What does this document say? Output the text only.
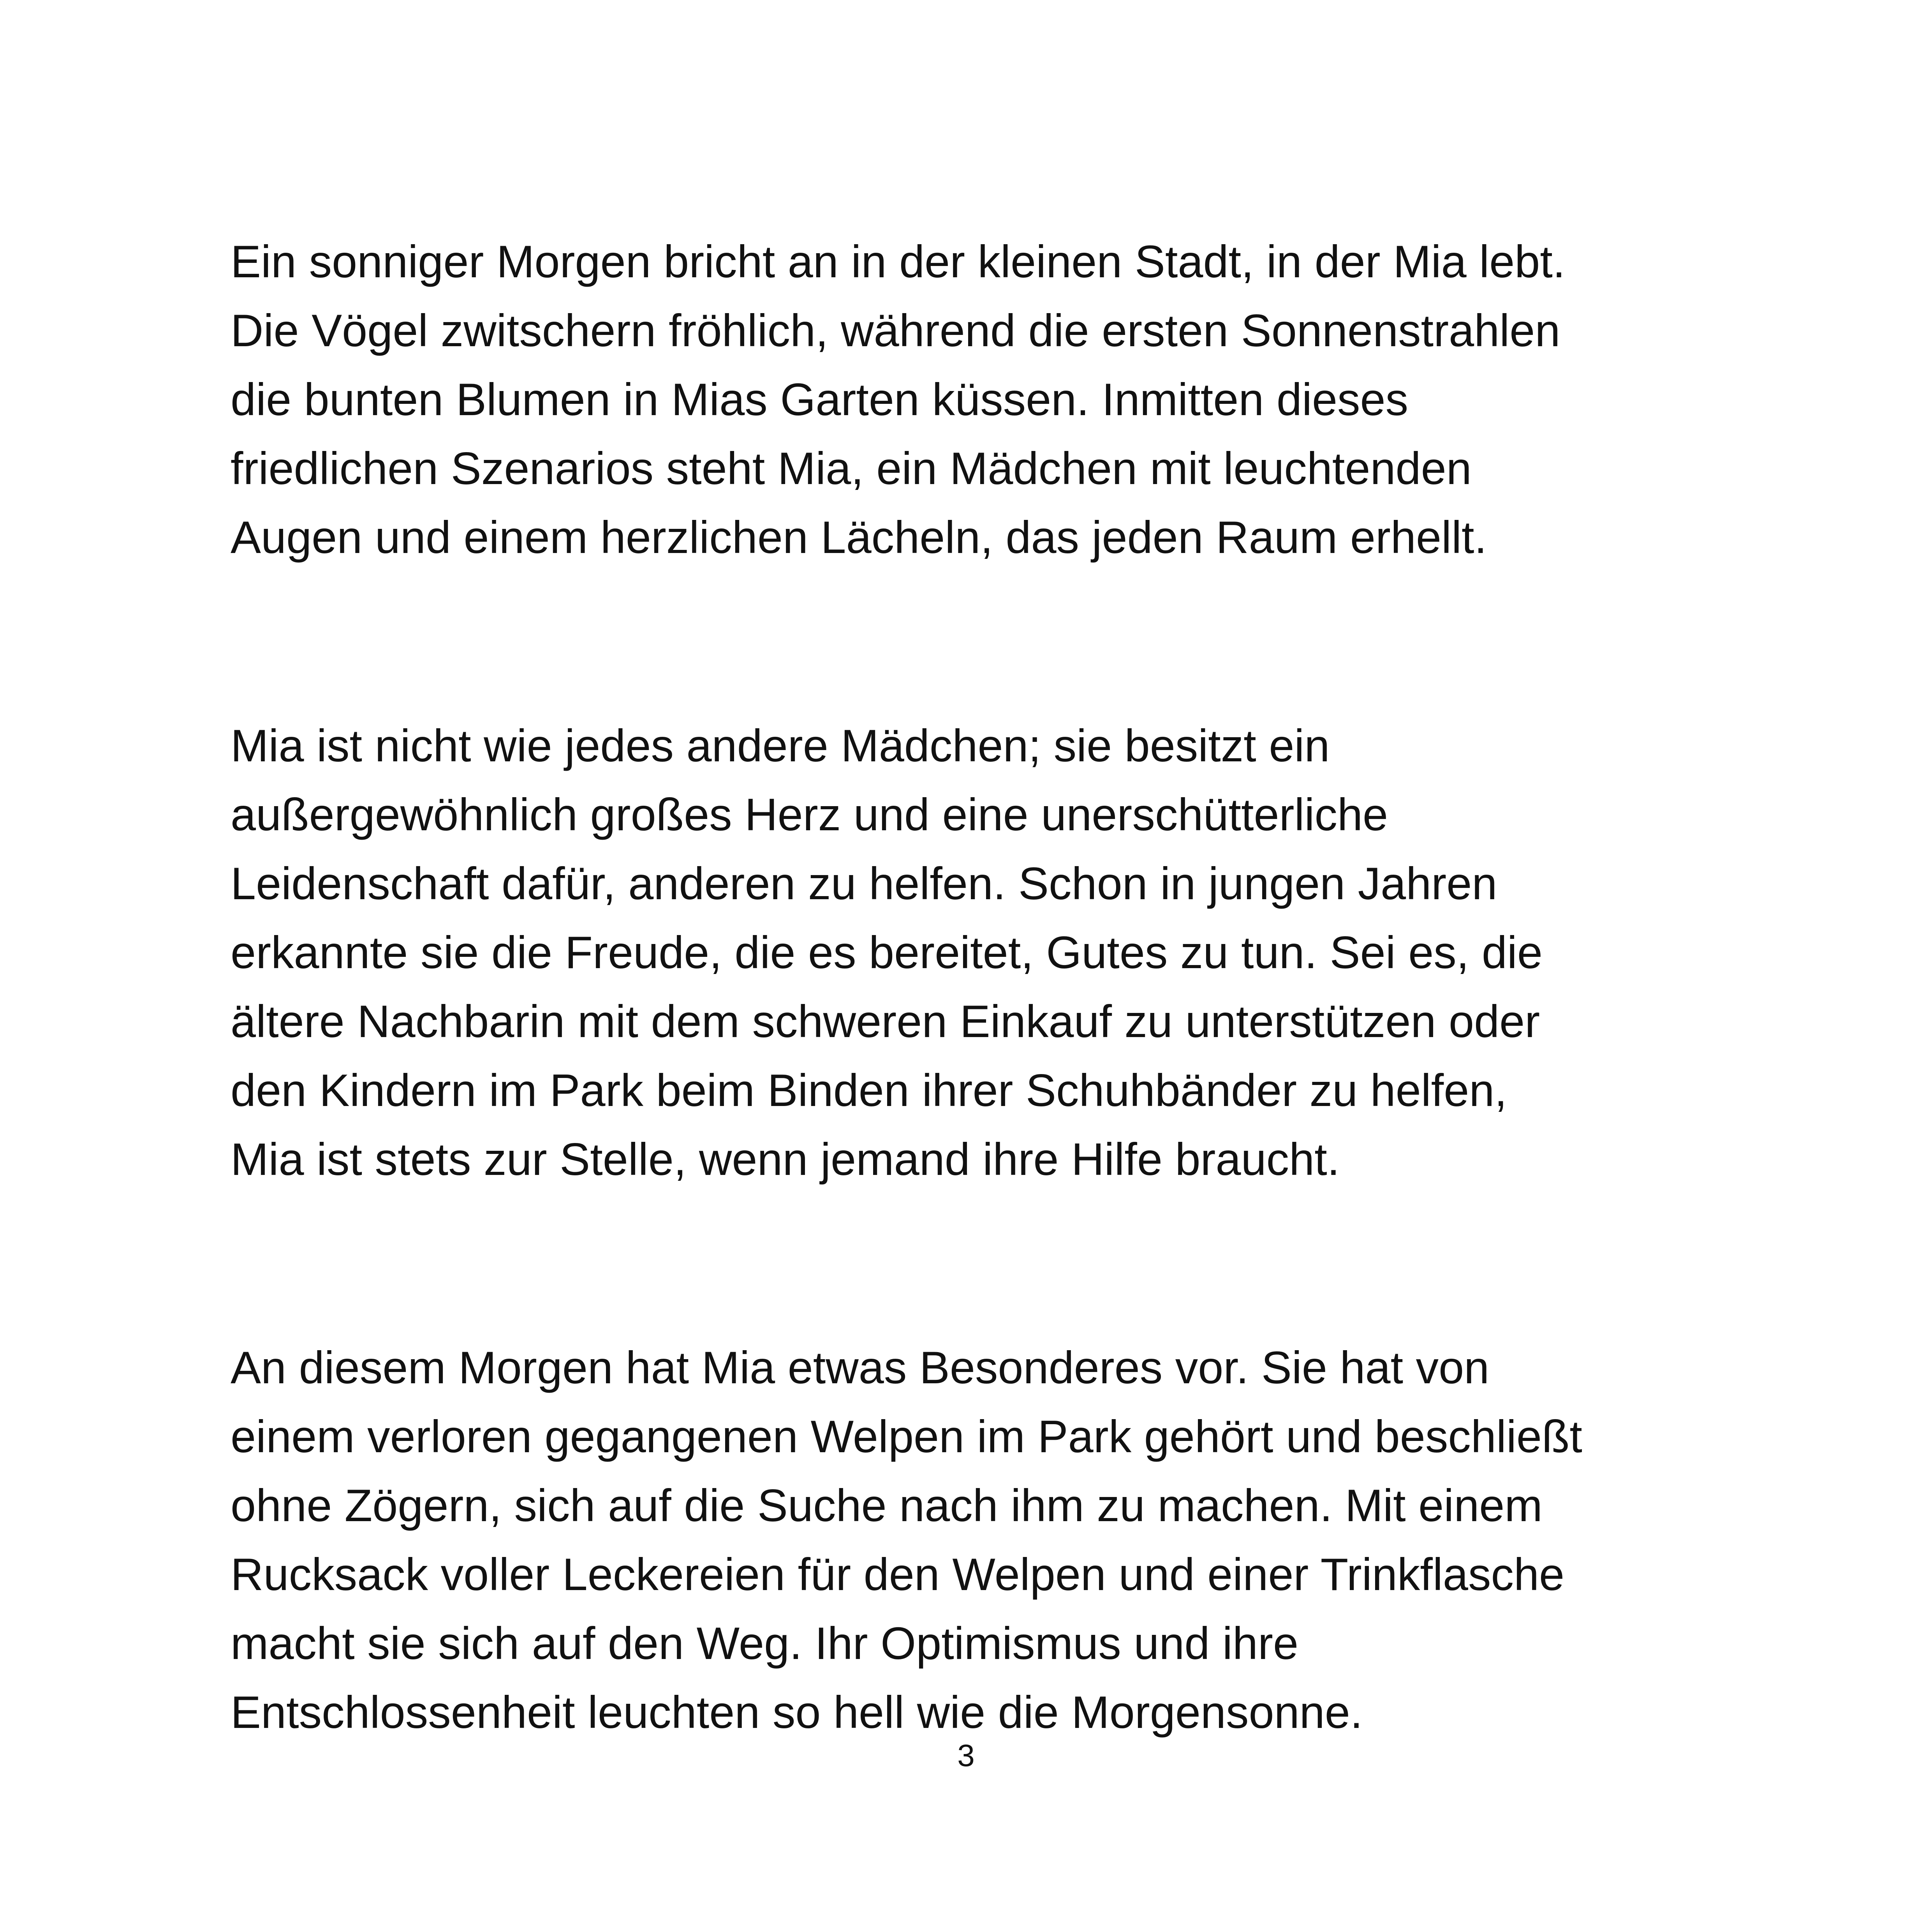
Ein sonniger Morgen bricht an in der kleinen Stadt, in der Mia lebt.
Die Vögel zwitschern fröhlich, während die ersten Sonnenstrahlen
die bunten Blumen in Mias Garten küssen. Inmitten dieses
friedlichen Szenarios steht Mia, ein Mädchen mit leuchtenden
Augen und einem herzlichen Lächeln, das jeden Raum erhellt.

Mia ist nicht wie jedes andere Mädchen; sie besitzt ein
außergewöhnlich großes Herz und eine unerschütterliche
Leidenschaft dafür, anderen zu helfen. Schon in jungen Jahren
erkannte sie die Freude, die es bereitet, Gutes zu tun. Sei es, die
ältere Nachbarin mit dem schweren Einkauf zu unterstützen oder
den Kindern im Park beim Binden ihrer Schuhbänder zu helfen,
Mia ist stets zur Stelle, wenn jemand ihre Hilfe braucht.

An diesem Morgen hat Mia etwas Besonderes vor. Sie hat von
einem verloren gegangenen Welpen im Park gehört und beschließt
ohne Zögern, sich auf die Suche nach ihm zu machen. Mit einem
Rucksack voller Leckereien für den Welpen und einer Trinkflasche
macht sie sich auf den Weg. Ihr Optimismus und ihre
Entschlossenheit leuchten so hell wie die Morgensonne.

3
